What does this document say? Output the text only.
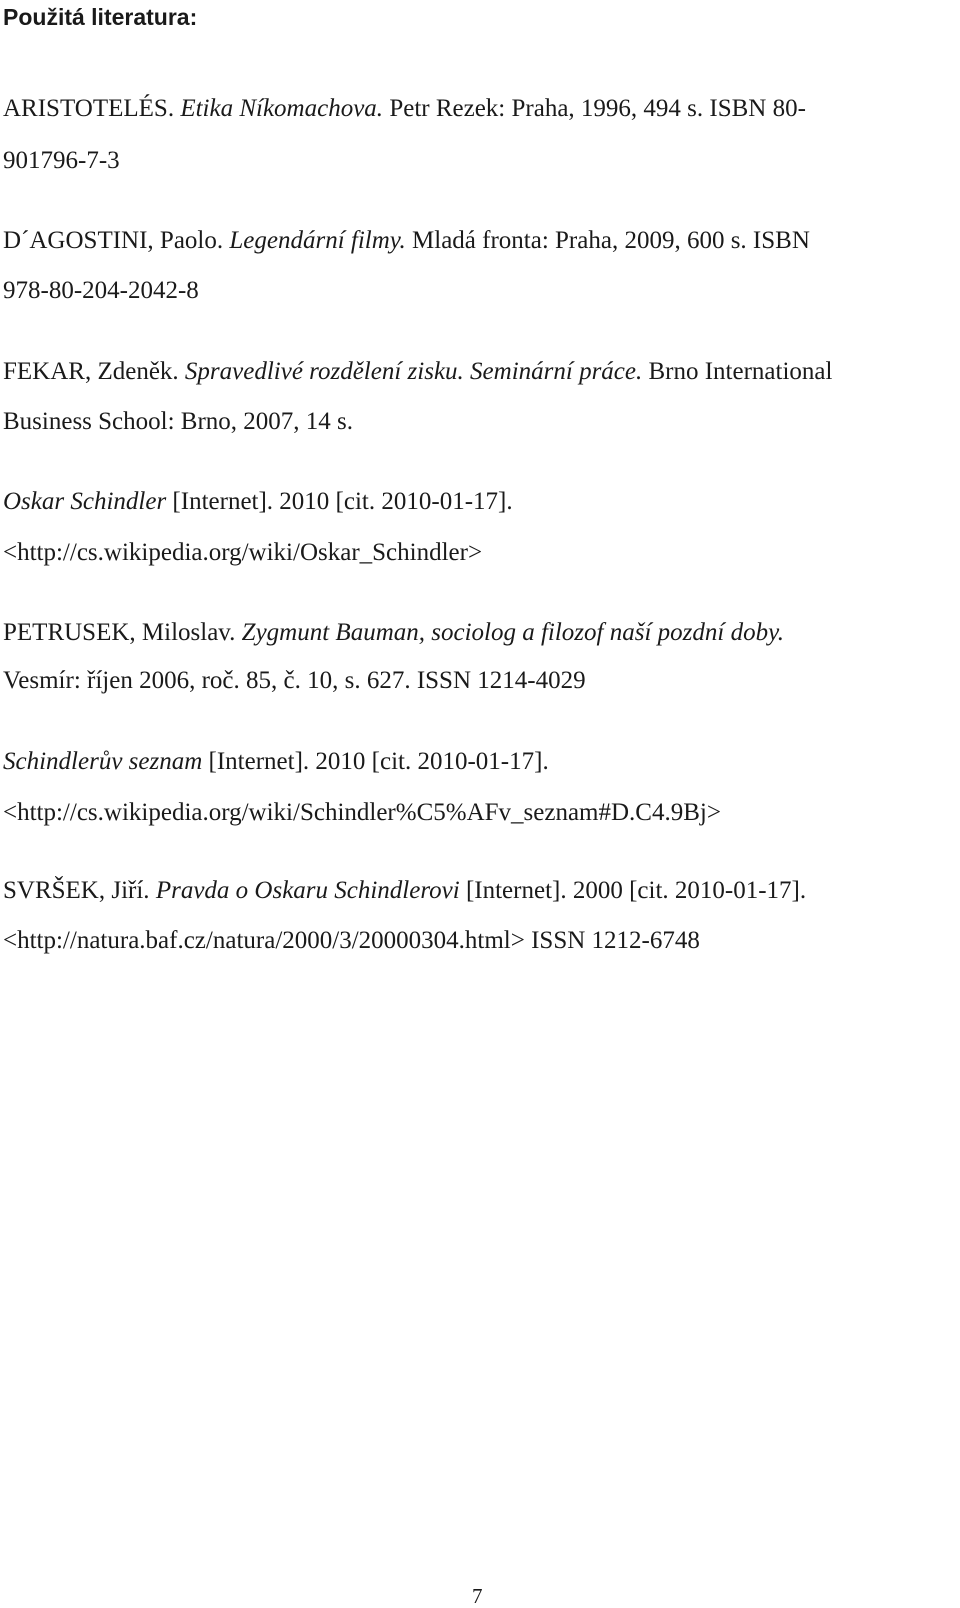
Použitá literatura:
ARISTOTELÉS. Etika Níkomachova. Petr Rezek: Praha, 1996, 494 s. ISBN 80-
901796-7-3
D´AGOSTINI, Paolo. Legendární filmy. Mladá fronta: Praha, 2009, 600 s. ISBN
978-80-204-2042-8
FEKAR, Zdeněk. Spravedlivé rozdělení zisku. Seminární práce. Brno International
Business School: Brno, 2007, 14 s.
Oskar Schindler [Internet]. 2010 [cit. 2010-01-17].
<http://cs.wikipedia.org/wiki/Oskar_Schindler>
PETRUSEK, Miloslav. Zygmunt Bauman, sociolog a filozof naší pozdní doby.
Vesmír: říjen 2006, roč. 85, č. 10, s. 627. ISSN 1214-4029
Schindlerův seznam [Internet]. 2010 [cit. 2010-01-17].
<http://cs.wikipedia.org/wiki/Schindler%C5%AFv_seznam#D.C4.9Bj>
SVRŠEK, Jiří. Pravda o Oskaru Schindlerovi [Internet]. 2000 [cit. 2010-01-17].
<http://natura.baf.cz/natura/2000/3/20000304.html> ISSN 1212-6748
7
